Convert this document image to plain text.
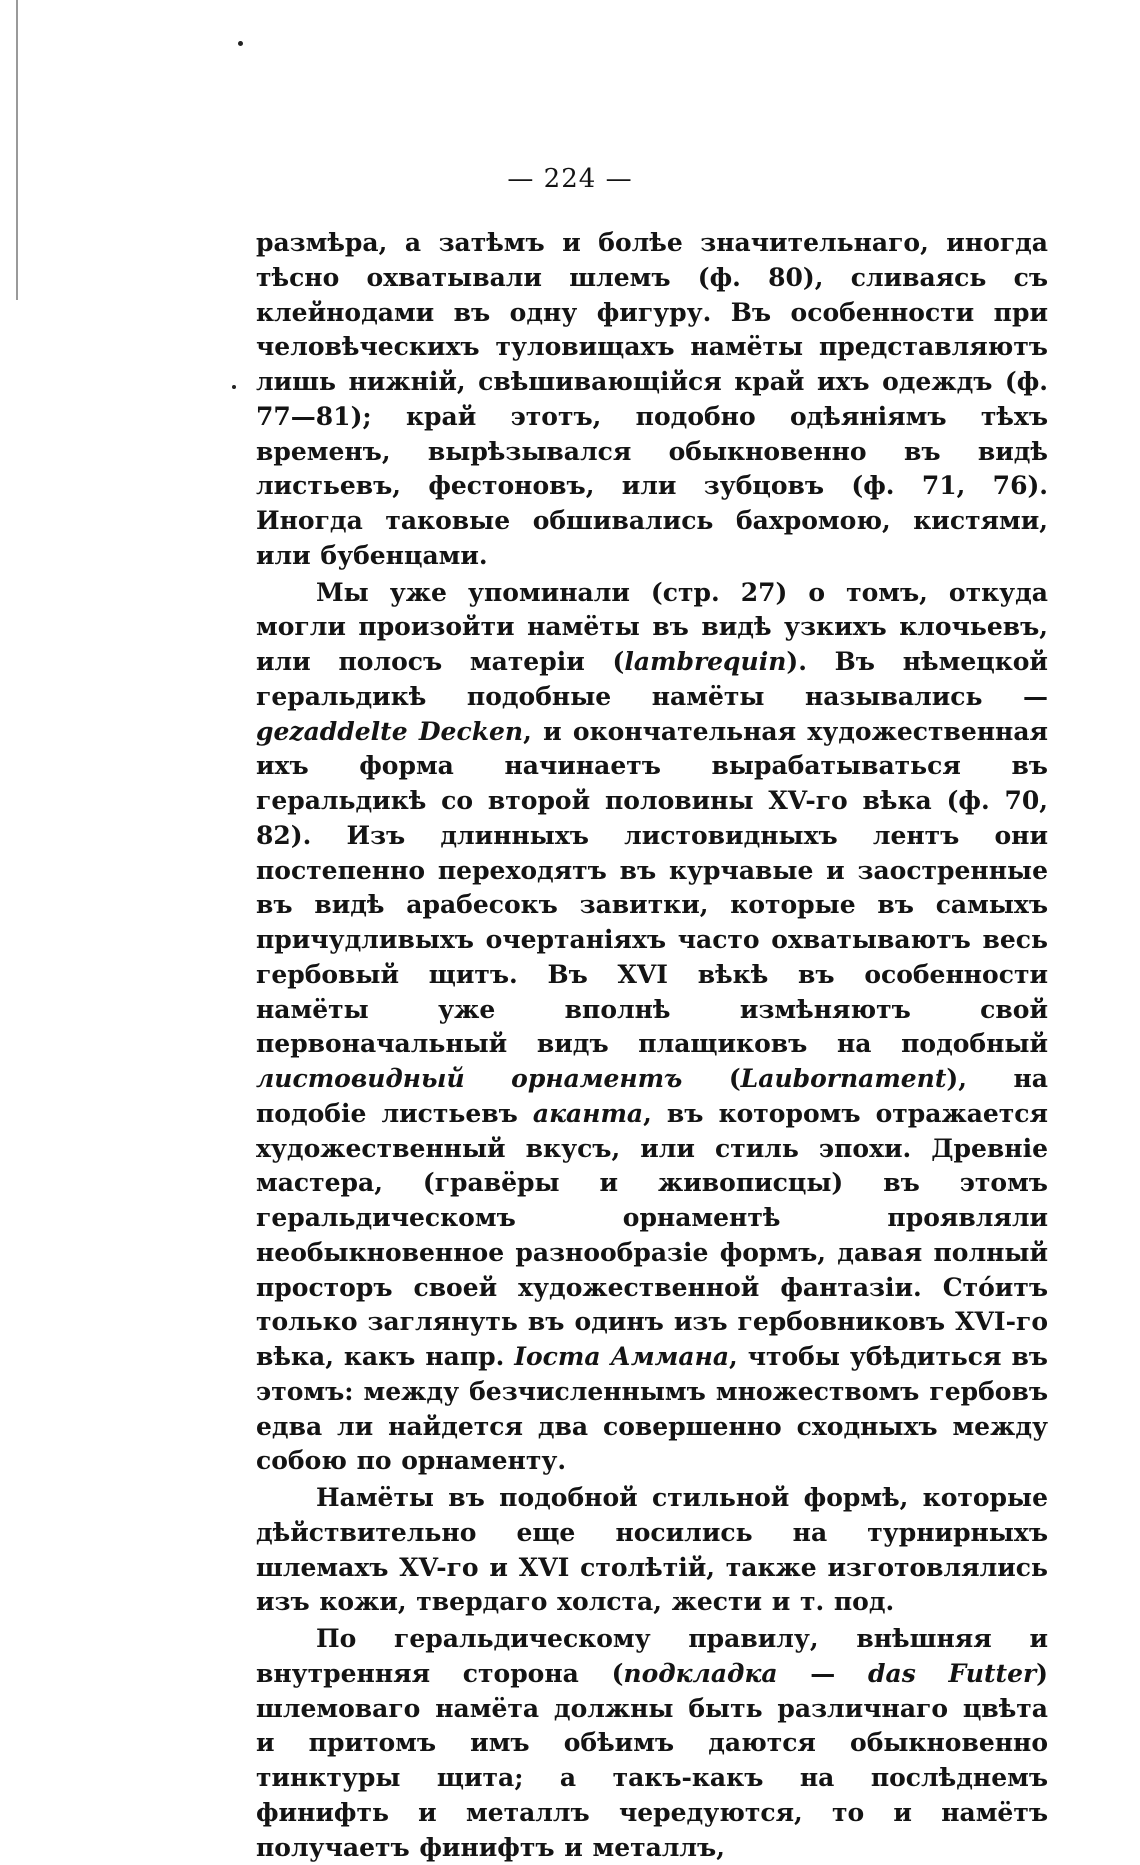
— 224 —

размѣра, а затѣмъ и болѣе значительнаго, иногда тѣсно охватывали шлемъ (ф. 80), сливаясь съ клейнодами въ одну фигуру. Въ особенности при человѣческихъ туловищахъ намёты представляютъ лишь нижній, свѣшивающійся край ихъ одеждъ (ф. 77—81); край этотъ, подобно одѣяніямъ тѣхъ временъ, вырѣзывался обыкновенно въ видѣ листьевъ, фестоновъ, или зубцовъ (ф. 71, 76). Иногда таковые обшивались бахромою, кистями, или бубенцами.

Мы уже упоминали (стр. 27) о томъ, откуда могли произойти намёты въ видѣ узкихъ клочьевъ, или полосъ матеріи (lambrequin). Въ нѣмецкой геральдикѣ подобные намёты назывались — gezaddelte Decken, и окончательная художественная ихъ форма начинаетъ вырабатываться въ геральдикѣ со второй половины XV-го вѣка (ф. 70, 82). Изъ длинныхъ листовидныхъ лентъ они постепенно переходятъ въ курчавые и заостренные въ видѣ арабесокъ завитки, которые въ самыхъ причудливыхъ очертаніяхъ часто охватываютъ весь гербовый щитъ. Въ XVI вѣкѣ въ особенности намёты уже вполнѣ измѣняютъ свой первоначальный видъ плащиковъ на подобный листовидный орнаментъ (Laubornament), на подобіе листьевъ аканта, въ которомъ отражается художественный вкусъ, или стиль эпохи. Древніе мастера, (гравёры и живописцы) въ этомъ геральдическомъ орнаментѣ проявляли необыкновенное разнообразіе формъ, давая полный просторъ своей художественной фантазіи. Стóитъ только заглянуть въ одинъ изъ гербовниковъ XVI-го вѣка, какъ напр. Іоста Аммана, чтобы убѣдиться въ этомъ: между безчисленнымъ множествомъ гербовъ едва ли найдется два совершенно сходныхъ между собою по орнаменту.

Намёты въ подобной стильной формѣ, которые дѣйствительно еще носились на турнирныхъ шлемахъ XV-го и XVI столѣтій, также изготовлялись изъ кожи, твердаго холста, жести и т. под.

По геральдическому правилу, внѣшняя и внутренняя сторона (подкладка — das Futter) шлемоваго намёта должны быть различнаго цвѣта и притомъ имъ обѣимъ даются обыкновенно тинктуры щита; а такъ-какъ на послѣднемъ финифть и металлъ чередуются, то и намётъ получаетъ финифтъ и металлъ,
